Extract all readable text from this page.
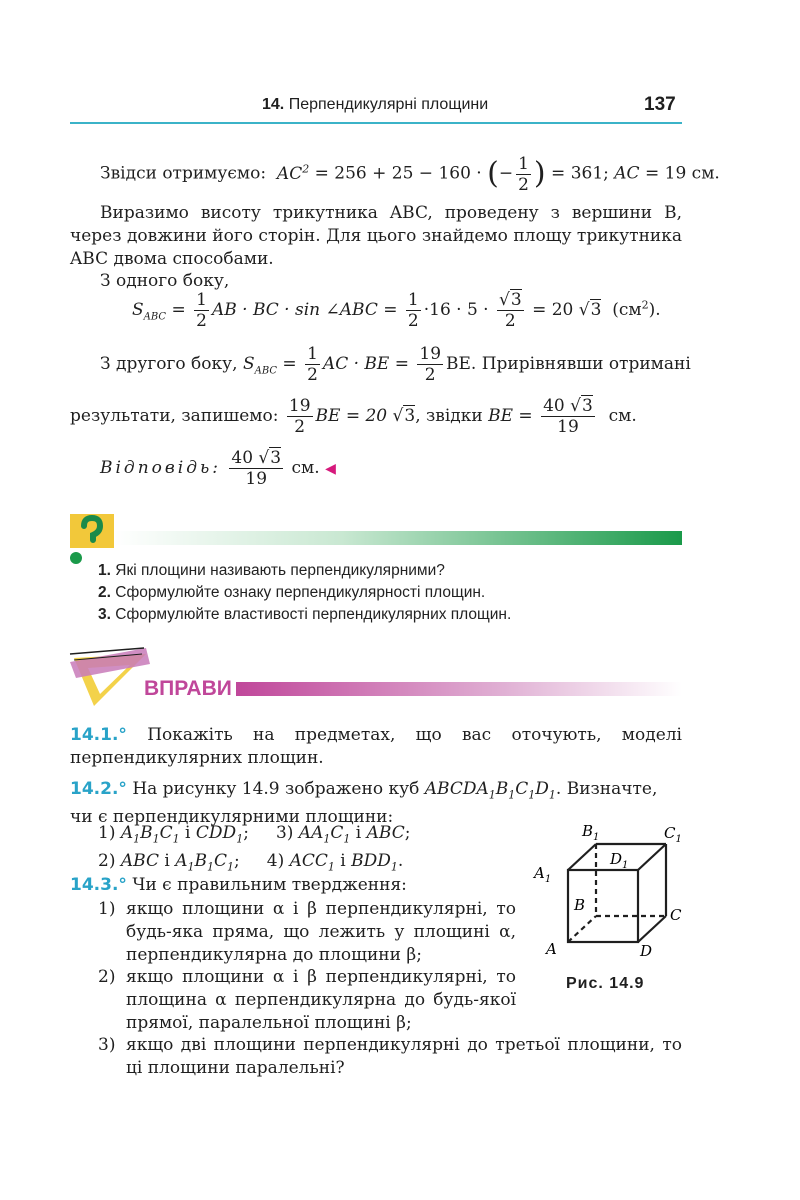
14. Перпендикулярні площини	137
Звідси отримуємо:  $AC^2 = 256 + 25 - 160$ · (− $\frac{1}{2}$ ) = 361; AC = 19 см.
Виразимо висоту трикутника ABC, проведену з вершини B, через довжини його сторін. Для цього знайдемо площу трикутника ABC двома способами.
З одного боку,
$S_{ABC} = \frac{1}{2}$ AB · BC · sin ∠ABC = $\frac{1}{2} \cdot 16 \cdot 5 \cdot \frac{√3}{2} = 20$ √3 $(см^2)$.
З другого боку, $S_{ABC} = \frac{1}{2}$ AC · BE = $\frac{19}{2}$ BE. Прирівнявши отримані
результати, запишемо: $\frac{19}{2}$ BE = 20 √3, звідки BE = $\frac{40 √3}{19}$ см.
Відповідь: $\frac{40 √3}{19}$ см. ◀
1. Які площини називають перпендикулярними?
2. Сформулюйте ознаку перпендикулярності площин.
3. Сформулюйте властивості перпендикулярних площин.
ВПРАВИ
14.1.° Покажіть на предметах, що вас оточують, моделі перпендикулярних площин.
14.2.° На рисунку 14.9 зображено куб $ABCDA_1B_1C_1D_1$. Визначте, чи є перпендикулярними площини:
1) $A_1B_1C_1$ і $CDD_1$;     3) $AA_1C_1$ і ABC;
2) ABC і $A_1B_1C_1$;     4) $ACC_1$ і $BDD_1$.
14.3.° Чи є правильним твердження:
1) якщо площини α і β перпендикулярні, то будь-яка пряма, що лежить у площині α, перпендикулярна до площини β;
2) якщо площини α і β перпендикулярні, то площина α перпендикулярна до будь-якої прямої, паралельної площині β;
3) якщо дві площини перпендикулярні до третьої площини, то ці площини паралельні?
$B_1$	$C_1$
$D_1$
$A_1$
B
C
A	D
Рис. 14.9
